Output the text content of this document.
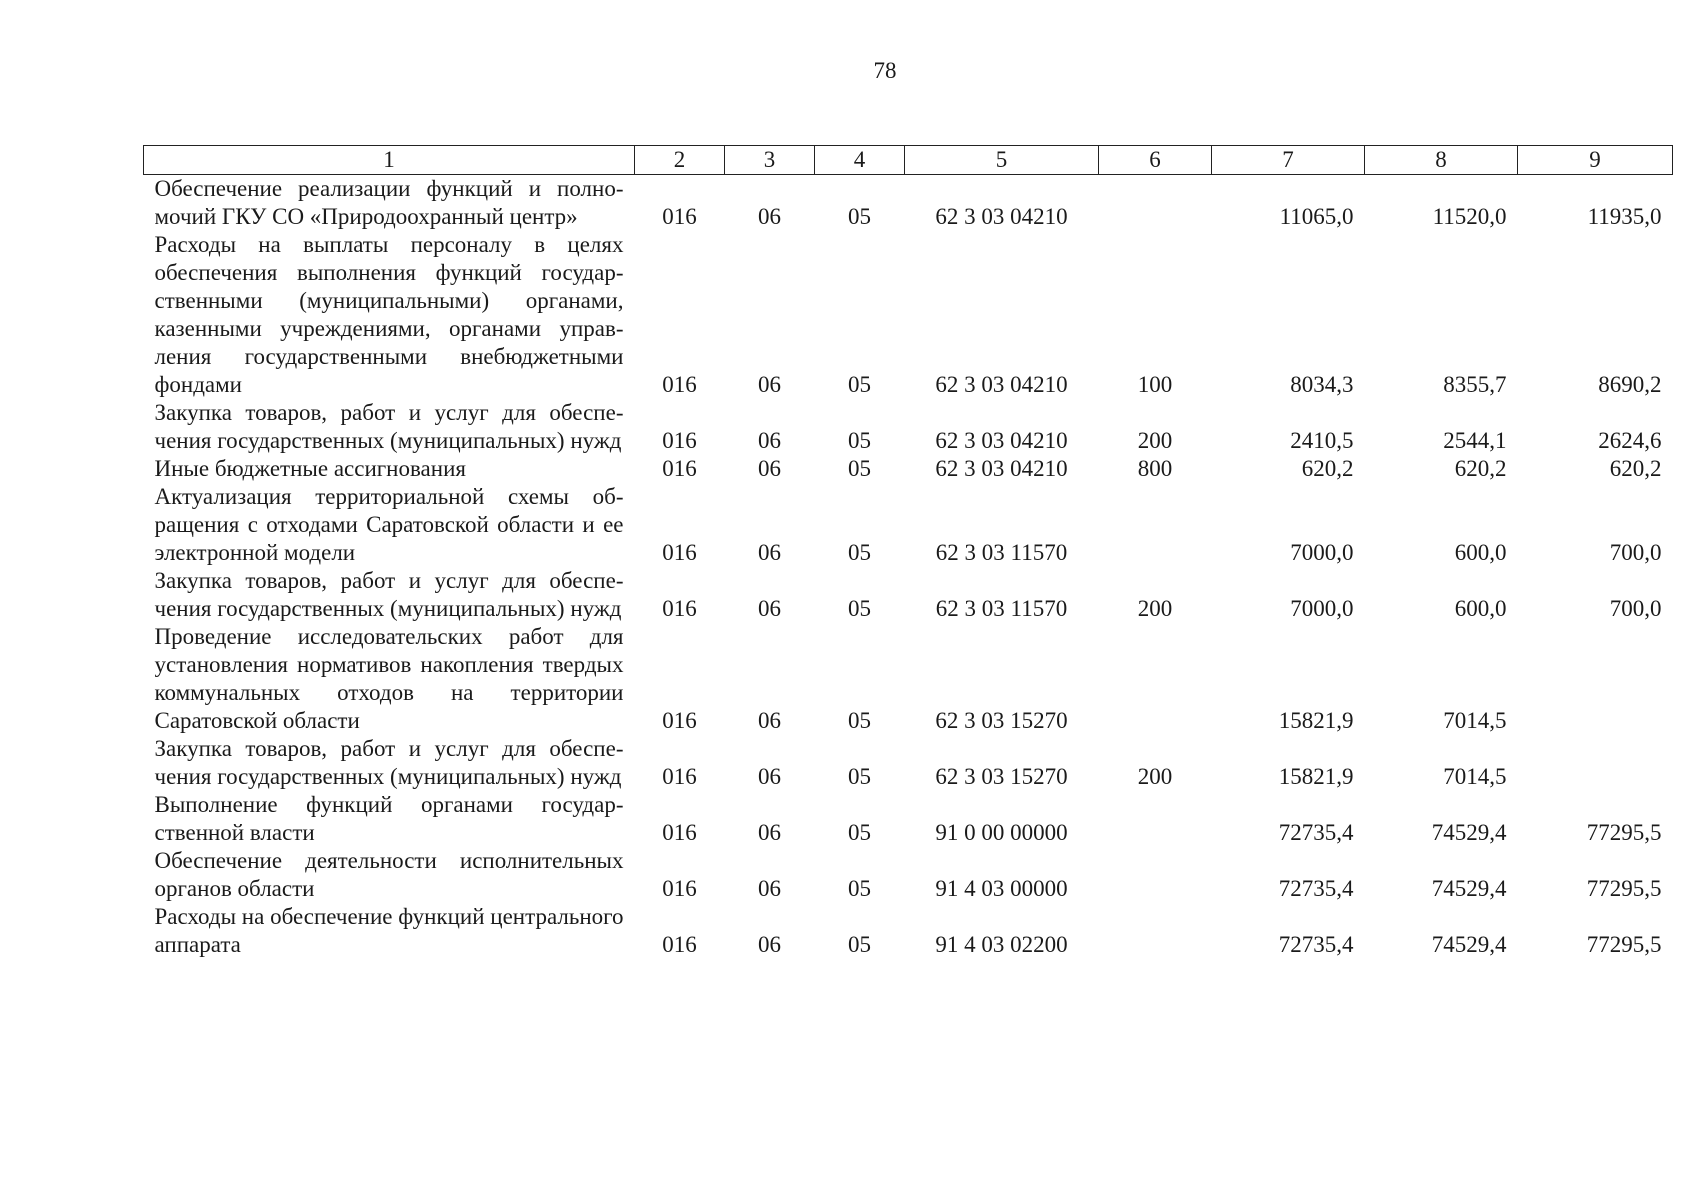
78
1	2	3	4	5	6	7	8	9
Обеспечение реализации функций и полномочий ГКУ СО «Природоохранный центр»	016	06	05	62 3 03 04210		11065,0	11520,0	11935,0
Расходы на выплаты персоналу в целях обеспечения выполнения функций государственными (муниципальными) органами, казенными учреждениями, органами управления государственными внебюджетными фондами	016	06	05	62 3 03 04210	100	8034,3	8355,7	8690,2
Закупка товаров, работ и услуг для обеспечения государственных (муниципальных) нужд	016	06	05	62 3 03 04210	200	2410,5	2544,1	2624,6
Иные бюджетные ассигнования	016	06	05	62 3 03 04210	800	620,2	620,2	620,2
Актуализация территориальной схемы обращения с отходами Саратовской области и ее электронной модели	016	06	05	62 3 03 11570		7000,0	600,0	700,0
Закупка товаров, работ и услуг для обеспечения государственных (муниципальных) нужд	016	06	05	62 3 03 11570	200	7000,0	600,0	700,0
Проведение исследовательских работ для установления нормативов накопления твердых коммунальных отходов на территории Саратовской области	016	06	05	62 3 03 15270		15821,9	7014,5	
Закупка товаров, работ и услуг для обеспечения государственных (муниципальных) нужд	016	06	05	62 3 03 15270	200	15821,9	7014,5	
Выполнение функций органами государственной власти	016	06	05	91 0 00 00000		72735,4	74529,4	77295,5
Обеспечение деятельности исполнительных органов области	016	06	05	91 4 03 00000		72735,4	74529,4	77295,5
Расходы на обеспечение функций центрального аппарата	016	06	05	91 4 03 02200		72735,4	74529,4	77295,5
